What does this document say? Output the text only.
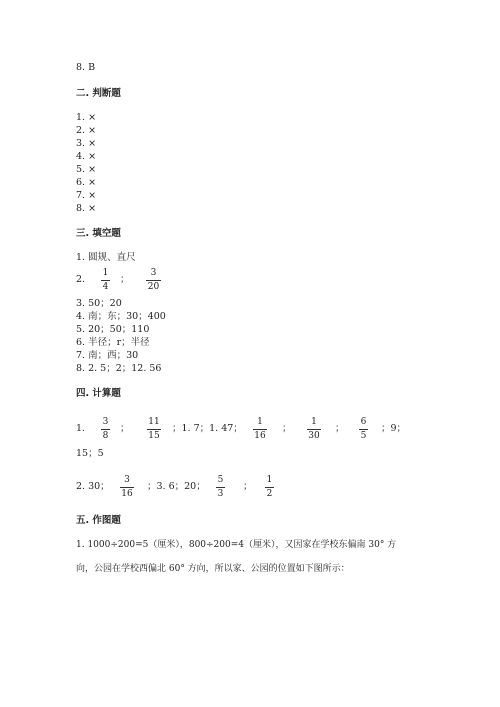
8. B
二. 判断题
1. ×
2. ×
3. ×
4. ×
5. ×
6. ×
7. ×
8. ×
三. 填空题
1. 圆规、直尺
2.
1
4
；
3
20
3. 50；20
4. 南；东；30；400
5. 20；50；110
6. 半径；r；半径
7. 南；西；30
8. 2. 5；2；12. 56
四. 计算题
1.
3
8
；
11
15
；1. 7；1. 47；
1
16
；
1
30
；
6
5
；9；
15；5
2. 30；
3
16
；3. 6；20；
5
3
；
1
2
五. 作图题
1. 1000÷200=5（厘米），800÷200=4（厘米），又因家在学校东偏南 30° 方
向，公园在学校西偏北 60° 方向，所以家、公园的位置如下图所示：
